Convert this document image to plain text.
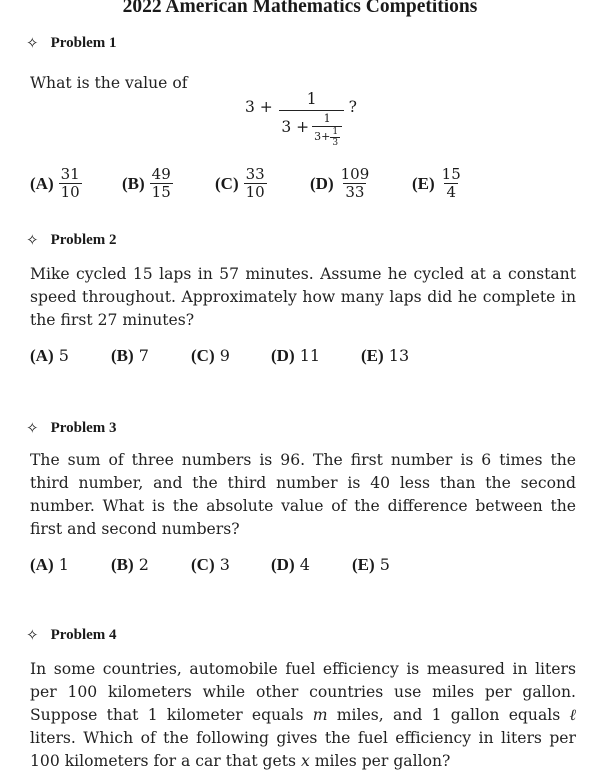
2022 American Mathematics Competitions
✧ Problem 1
What is the value of
3 +	1
$3 + \frac{1}{3+ \frac{1}{3}}$
?
$(A) \frac{31}{10} (B) \frac{49}{15} (C) \frac{33}{10}$	$(D) \frac{109}{33} (E) \frac{15}{4}$
✧ Problem 2
Mike cycled 15 laps in 57 minutes. Assume he cycled at a constant speed throughout. Approximately how many laps did he complete in the first 27 minutes?
(A) 5 (B) 7 (C) 9 (D) 11 (E) 13
✧ Problem 3
The sum of three numbers is 96. The first number is 6 times the third number, and the third number is 40 less than the second number. What is the absolute value of the difference between the first and second numbers?
(A) 1 (B) 2 (C) 3 (D) 4 (E) 5
✧ Problem 4
In some countries, automobile fuel efficiency is measured in liters per 100 kilometers while other countries use miles per gallon. Suppose that 1 kilometer equals m miles, and 1 gallon equals ℓ liters. Which of the following gives the fuel efficiency in liters per 100 kilometers for a car that gets x miles per gallon?
